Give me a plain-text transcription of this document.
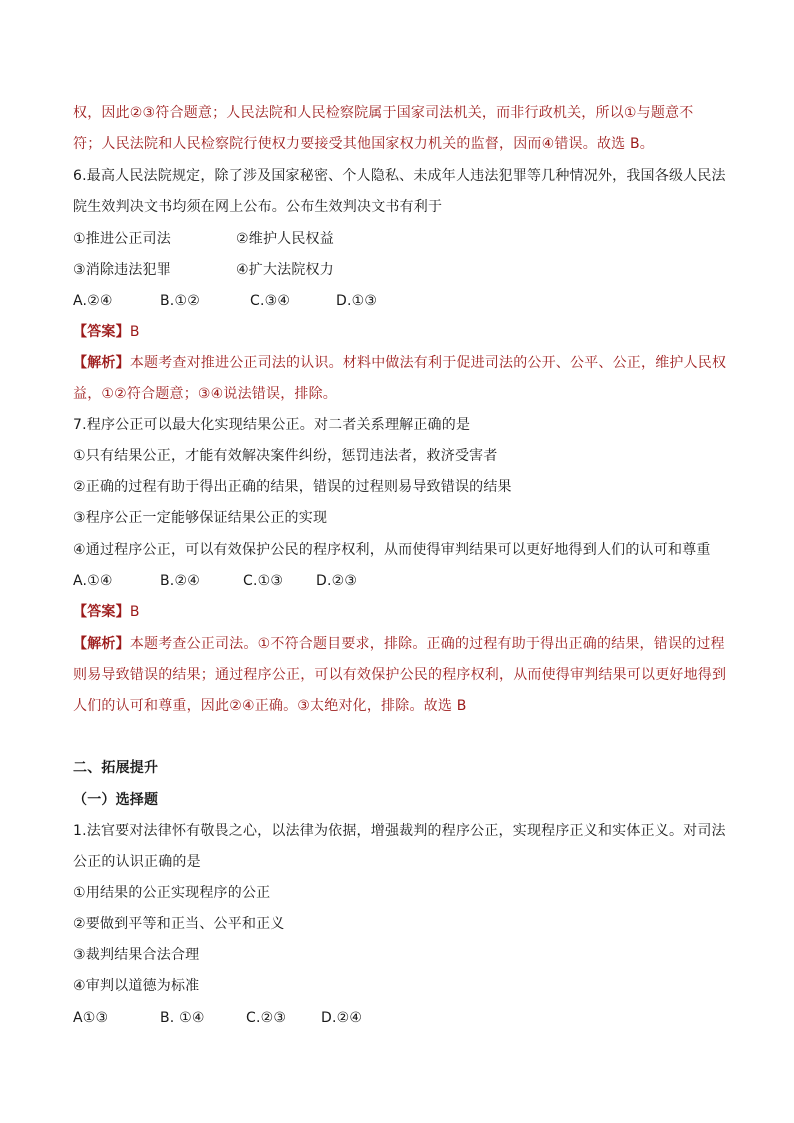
权，因此②③符合题意；人民法院和人民检察院属于国家司法机关，而非行政机关，所以①与题意不
符；人民法院和人民检察院行使权力要接受其他国家权力机关的监督，因而④错误。故选 B。
6.最高人民法院规定，除了涉及国家秘密、个人隐私、未成年人违法犯罪等几种情况外，我国各级人民法
院生效判决文书均须在网上公布。公布生效判决文书有利于
①推进公正司法	②维护人民权益
③消除违法犯罪	④扩大法院权力
A.②④	B.①②	C.③④	D.①③
【答案】B
【解析】本题考查对推进公正司法的认识。材料中做法有利于促进司法的公开、公平、公正，维护人民权
益，①②符合题意；③④说法错误，排除。
7.程序公正可以最大化实现结果公正。对二者关系理解正确的是
①只有结果公正，才能有效解决案件纠纷，惩罚违法者，救济受害者
②正确的过程有助于得出正确的结果，错误的过程则易导致错误的结果
③程序公正一定能够保证结果公正的实现
④通过程序公正，可以有效保护公民的程序权利，从而使得审判结果可以更好地得到人们的认可和尊重
A.①④	B.②④	C.①③ D.②③
【答案】B
【解析】本题考查公正司法。①不符合题目要求，排除。正确的过程有助于得出正确的结果，错误的过程
则易导致错误的结果；通过程序公正，可以有效保护公民的程序权利，从而使得审判结果可以更好地得到
人们的认可和尊重，因此②④正确。③太绝对化，排除。故选 B
二、拓展提升
（一）选择题
1.法官要对法律怀有敬畏之心，以法律为依据，增强裁判的程序公正，实现程序正义和实体正义。对司法
公正的认识正确的是
①用结果的公正实现程序的公正
②要做到平等和正当、公平和正义
③裁判结果合法合理
④审判以道德为标准
A①③	B. ①④	C.②③ D.②④
